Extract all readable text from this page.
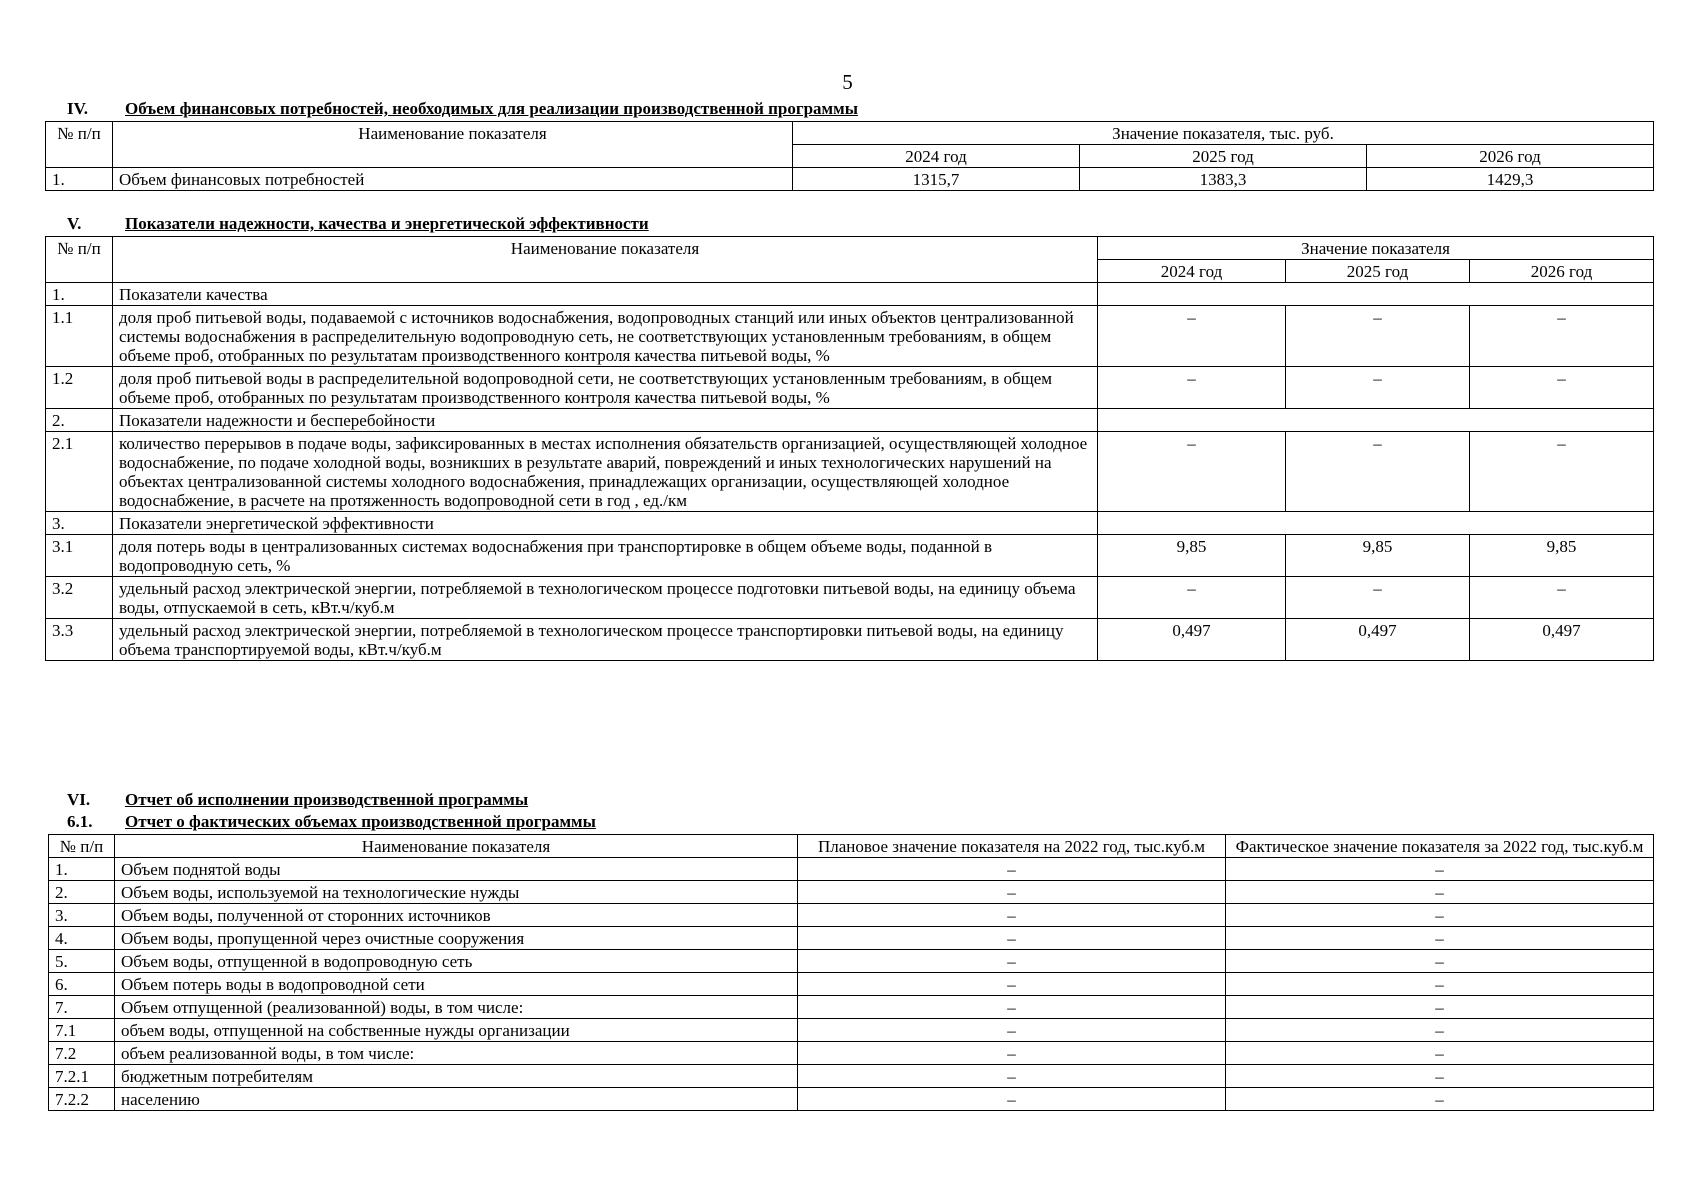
5
IV. Объем финансовых потребностей, необходимых для реализации производственной программы
№ п/п	Наименование показателя	Значение показателя, тыс. руб.		
		2024 год	2025 год	2026 год
1.	Объем финансовых потребностей	1315,7	1383,3	1429,3
V.	Показатели надежности, качества и энергетической эффективности
№ п/п	Наименование показателя	Значение показателя		
		2024 год	2025 год	2026 год
1.	Показатели качества			
1.1	доля проб питьевой воды, подаваемой с источников водоснабжения, водопроводных станций или иных объектов централизованной системы водоснабжения в распределительную водопроводную сеть, не соответствующих установленным требованиям, в общем объеме проб, отобранных по результатам производственного контроля качества питьевой воды, %	–	–	–
1.2	доля проб питьевой воды в распределительной водопроводной сети, не соответствующих установленным требованиям, в общем объеме проб, отобранных по результатам производственного контроля качества питьевой воды, %	–	–	–
2.	Показатели надежности и бесперебойности			
2.1	количество перерывов в подаче воды, зафиксированных в местах исполнения обязательств организацией, осуществляющей холодное водоснабжение, по подаче холодной воды, возникших в результате аварий, повреждений и иных технологических нарушений на объектах централизованной системы холодного водоснабжения, принадлежащих организации, осуществляющей холодное водоснабжение, в расчете на протяженность водопроводной сети в год , ед./км	–	–	–
3.	Показатели энергетической эффективности			
3.1	доля потерь воды в централизованных системах водоснабжения при транспортировке в общем объеме воды, поданной в водопроводную сеть, %	9,85	9,85	9,85
3.2	удельный расход электрической энергии, потребляемой в технологическом процессе подготовки питьевой воды, на единицу объема воды, отпускаемой в сеть, кВт.ч/куб.м	–	–	–
3.3	удельный расход электрической энергии, потребляемой в технологическом процессе транспортировки питьевой воды, на единицу объема транспортируемой воды, кВт.ч/куб.м	0,497	0,497	0,497
VI. Отчет об исполнении производственной программы
6.1. Отчет о фактических объемах производственной программы
№ п/п	Наименование показателя	Плановое значение показателя на 2022 год, тыс.куб.м	Фактическое значение показателя за 2022 год, тыс.куб.м
1.	Объем поднятой воды	–	–
2.	Объем воды, используемой на технологические нужды	–	–
3.	Объем воды, полученной от сторонних источников	–	–
4.	Объем воды, пропущенной через очистные сооружения	–	–
5.	Объем воды, отпущенной в водопроводную сеть	–	–
6.	Объем потерь воды в водопроводной сети	–	–
7.	Объем отпущенной (реализованной) воды, в том числе:	–	–
7.1	объем воды, отпущенной на собственные нужды организации	–	–
7.2	объем реализованной воды, в том числе:	–	–
7.2.1	бюджетным потребителям	–	–
7.2.2	населению	–	–
